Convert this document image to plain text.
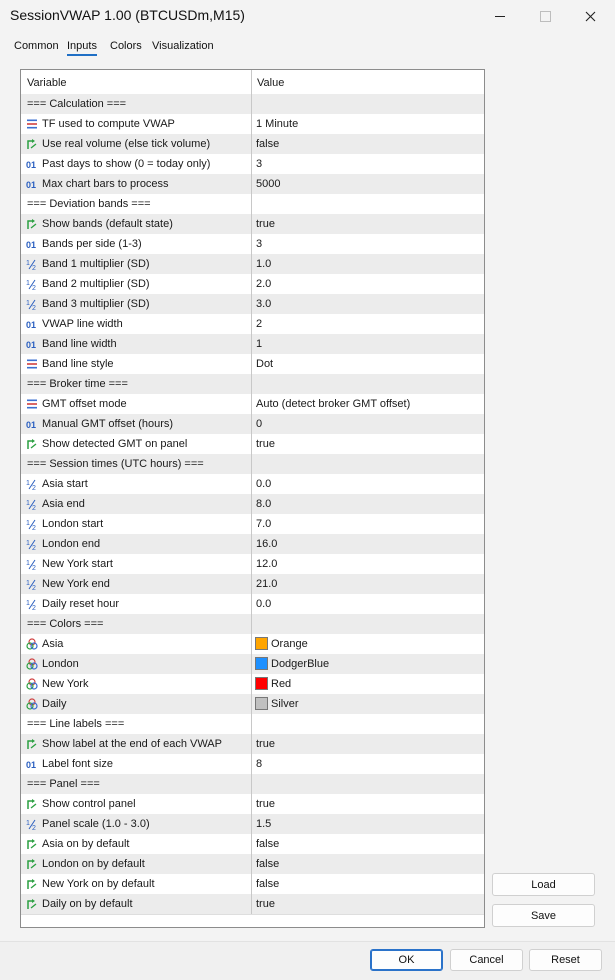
SessionVWAP 1.00 (BTCUSDm,M15)
Common Inputs Colors Visualization
Variable	Value
=== Calculation ===
TF used to compute VWAP	1 Minute
Use real volume (else tick volume)	false
01 Past days to show (0 = today only)	3
01 Max chart bars to process	5000
=== Deviation bands ===
Show bands (default state)	true
01 Bands per side (1-3)	3
1
2 Band 1 multiplier (SD)	1.0
1
2 Band 2 multiplier (SD)	2.0
1
2 Band 3 multiplier (SD)	3.0
01 VWAP line width	2
01 Band line width	1
Band line style	Dot
=== Broker time ===
GMT offset mode	Auto (detect broker GMT offset)
01 Manual GMT offset (hours)	0
Show detected GMT on panel	true
=== Session times (UTC hours) ===
1
2 Asia start	0.0
1
2 Asia end	8.0
1
2 London start	7.0
1
2 London end	16.0
1
2 New York start	12.0
1
2 New York end	21.0
1
2 Daily reset hour	0.0
=== Colors ===
Asia	Orange
London	DodgerBlue
New York	Red
Daily	Silver
=== Line labels ===
Show label at the end of each VWAP	true
01 Label font size	8
=== Panel ===
Show control panel	true
1
2 Panel scale (1.0 - 3.0)	1.5
Asia on by default	false
London on by default	false
New York on by default	false
Daily on by default	true
Load
Save
OK	Cancel	Reset
